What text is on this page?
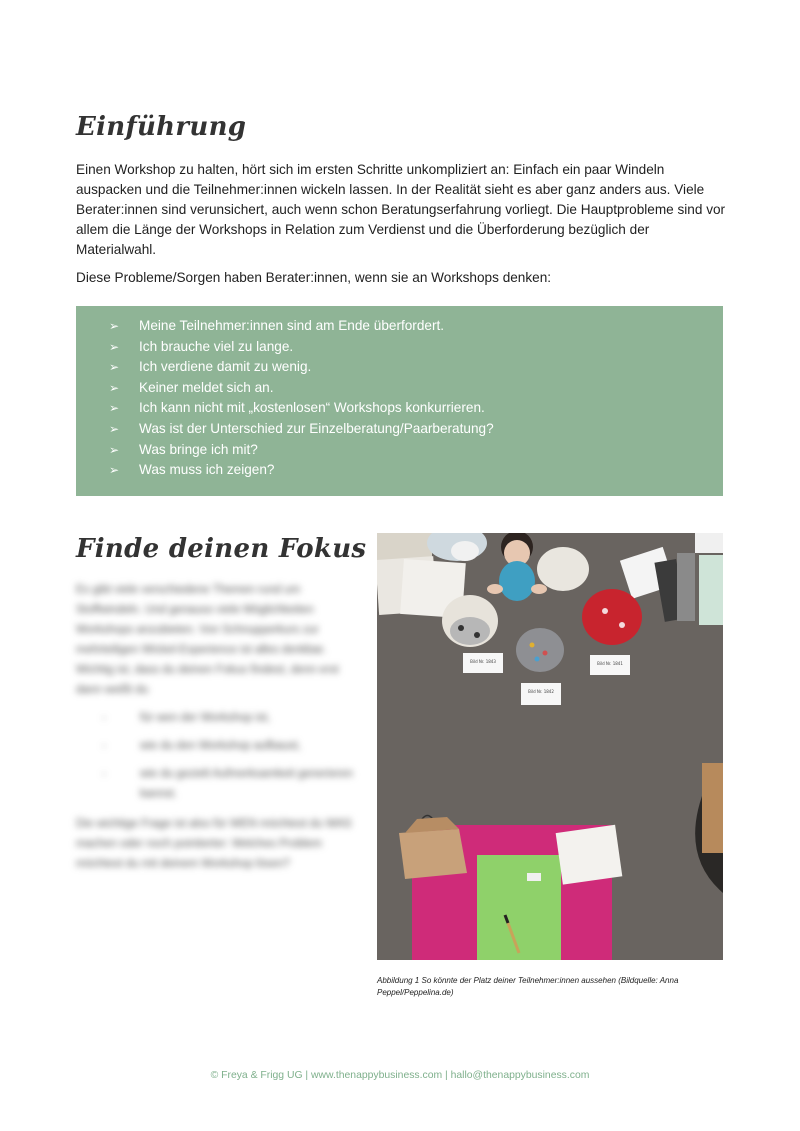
Einführung

Einen Workshop zu halten, hört sich im ersten Schritte unkompliziert an: Einfach ein paar Windeln auspacken und die Teilnehmer:innen wickeln lassen. In der Realität sieht es aber ganz anders aus. Viele Berater:innen sind verunsichert, auch wenn schon Beratungserfahrung vorliegt. Die Hauptprobleme sind vor allem die Länge der Workshops in Relation zum Verdienst und die Überforderung bezüglich der Materialwahl.

Diese Probleme/Sorgen haben Berater:innen, wenn sie an Workshops denken:

➢	Meine Teilnehmer:innen sind am Ende überfordert.
➢	Ich brauche viel zu lange.
➢	Ich verdiene damit zu wenig.
➢	Keiner meldet sich an.
➢	Ich kann nicht mit „kostenlosen“ Workshops konkurrieren.
➢	Was ist der Unterschied zur Einzelberatung/Paarberatung?
➢	Was bringe ich mit?
➢	Was muss ich zeigen?
Finde deinen Fokus

Es gibt viele verschiedene Themen rund um Stoffwindeln. Und genauso viele Möglichkeiten Workshops anzubieten. Von Schnupperkurs zur mehrteiligen Wickel-Experience ist alles denkbar. Wichtig ist, dass du deinen Fokus findest, denn erst dann weißt du

-	für wen der Workshop ist,
-	wie du den Workshop aufbaust,
-	wie du gezielt Aufmerksamkeit generieren kannst.

Die wichtige Frage ist also für WEN möchtest du WAS machen oder noch pointierter: Welches Problem möchtest du mit deinem Workshop lösen?

Bild Nr. 1843	Bild Nr. 1841
Bild Nr. 1842
Abbildung 1 So könnte der Platz deiner Teilnehmer:innen aussehen (Bildquelle: Anna Peppel/Peppelina.de)
© Freya & Frigg UG | www.thenappybusiness.com | hallo@thenappybusiness.com
